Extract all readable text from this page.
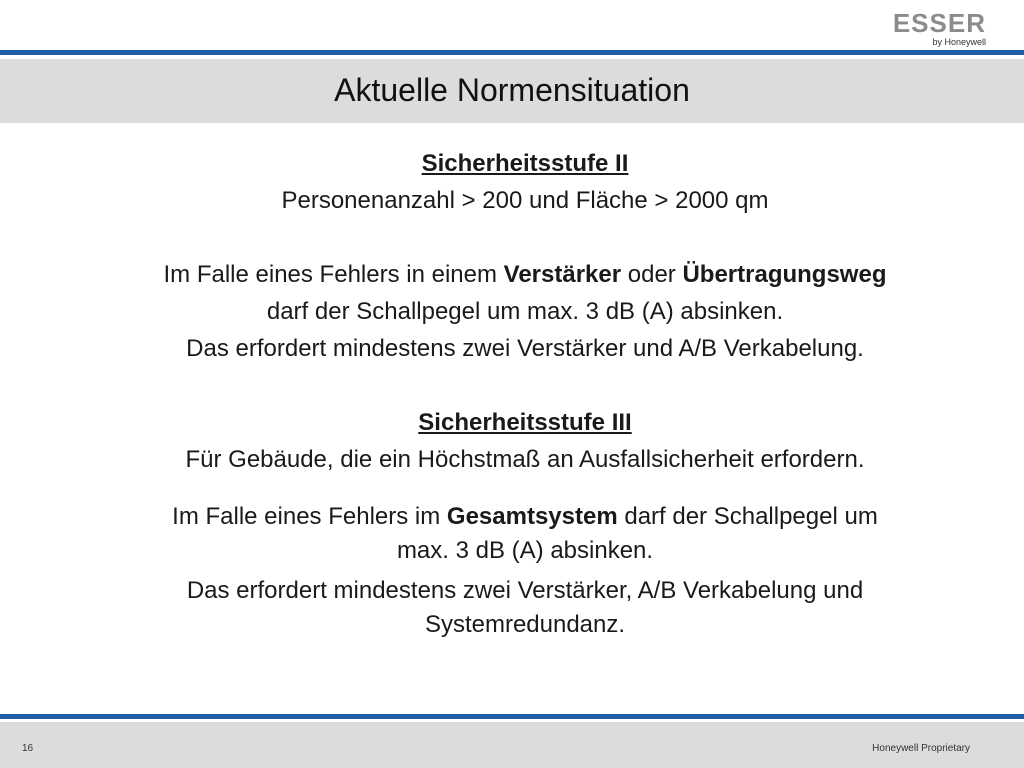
ESSER
by Honeywell
Aktuelle Normensituation

Sicherheitsstufe II

Personenanzahl > 200 und Fläche > 2000 qm

Im Falle eines Fehlers in einem Verstärker oder Übertragungsweg

darf der Schallpegel um max. 3 dB (A) absinken.

Das erfordert mindestens zwei Verstärker und A/B Verkabelung.

Sicherheitsstufe III

Für Gebäude, die ein Höchstmaß an Ausfallsicherheit erfordern.

Im Falle eines Fehlers im Gesamtsystem darf der Schallpegel um
max. 3 dB (A) absinken.

Das erfordert mindestens zwei Verstärker, A/B Verkabelung und
Systemredundanz.

16	Honeywell Proprietary
